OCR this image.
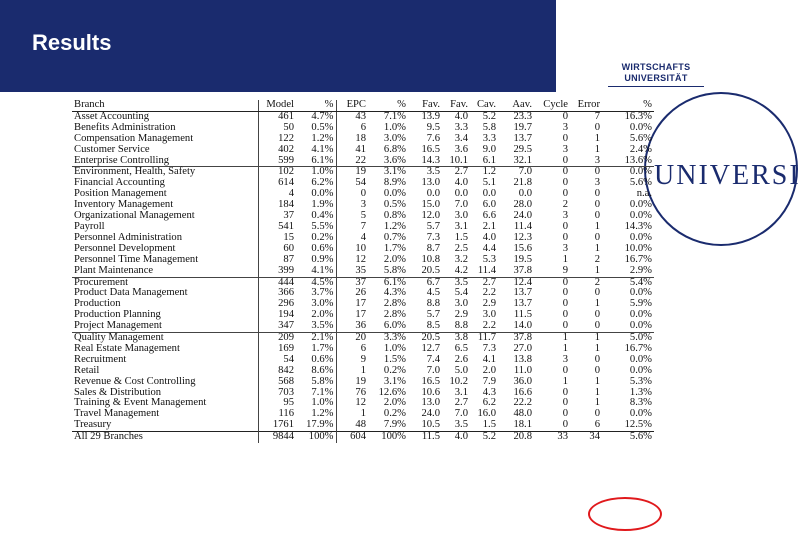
Results
WIRTSCHAFTS
UNIVERSITÄT
UNIVERSI
Branch	Model	%	EPC	%	Fav.	Fav.	Cav.	Aav.	Cycle	Error	%
Asset Accounting	461	4.7%	43	7.1%	13.9	4.0	5.2	23.3	0	7	16.3%
Benefits Administration	50	0.5%	6	1.0%	9.5	3.3	5.8	19.7	3	0	0.0%
Compensation Management	122	1.2%	18	3.0%	7.6	3.4	3.3	13.7	0	1	5.6%
Customer Service	402	4.1%	41	6.8%	16.5	3.6	9.0	29.5	3	1	2.4%
Enterprise Controlling	599	6.1%	22	3.6%	14.3	10.1	6.1	32.1	0	3	13.6%
Environment, Health, Safety	102	1.0%	19	3.1%	3.5	2.7	1.2	7.0	0	0	0.0%
Financial Accounting	614	6.2%	54	8.9%	13.0	4.0	5.1	21.8	0	3	5.6%
Position Management	4	0.0%	0	0.0%	0.0	0.0	0.0	0.0	0	0	n.a.
Inventory Management	184	1.9%	3	0.5%	15.0	7.0	6.0	28.0	2	0	0.0%
Organizational Management	37	0.4%	5	0.8%	12.0	3.0	6.6	24.0	3	0	0.0%
Payroll	541	5.5%	7	1.2%	5.7	3.1	2.1	11.4	0	1	14.3%
Personnel Administration	15	0.2%	4	0.7%	7.3	1.5	4.0	12.3	0	0	0.0%
Personnel Development	60	0.6%	10	1.7%	8.7	2.5	4.4	15.6	3	1	10.0%
Personnel Time Management	87	0.9%	12	2.0%	10.8	3.2	5.3	19.5	1	2	16.7%
Plant Maintenance	399	4.1%	35	5.8%	20.5	4.2	11.4	37.8	9	1	2.9%
Procurement	444	4.5%	37	6.1%	6.7	3.5	2.7	12.4	0	2	5.4%
Product Data Management	366	3.7%	26	4.3%	4.5	5.4	2.2	13.7	0	0	0.0%
Production	296	3.0%	17	2.8%	8.8	3.0	2.9	13.7	0	1	5.9%
Production Planning	194	2.0%	17	2.8%	5.7	2.9	3.0	11.5	0	0	0.0%
Project Management	347	3.5%	36	6.0%	8.5	8.8	2.2	14.0	0	0	0.0%
Quality Management	209	2.1%	20	3.3%	20.5	3.8	11.7	37.8	1	1	5.0%
Real Estate Management	169	1.7%	6	1.0%	12.7	6.5	7.3	27.0	1	1	16.7%
Recruitment	54	0.6%	9	1.5%	7.4	2.6	4.1	13.8	3	0	0.0%
Retail	842	8.6%	1	0.2%	7.0	5.0	2.0	11.0	0	0	0.0%
Revenue & Cost Controlling	568	5.8%	19	3.1%	16.5	10.2	7.9	36.0	1	1	5.3%
Sales & Distribution	703	7.1%	76	12.6%	10.6	3.1	4.3	16.6	0	1	1.3%
Training & Event Management	95	1.0%	12	2.0%	13.0	2.7	6.2	22.2	0	1	8.3%
Travel Management	116	1.2%	1	0.2%	24.0	7.0	16.0	48.0	0	0	0.0%
Treasury	1761	17.9%	48	7.9%	10.5	3.5	1.5	18.1	0	6	12.5%
All 29 Branches	9844	100%	604	100%	11.5	4.0	5.2	20.8	33	34	5.6%
